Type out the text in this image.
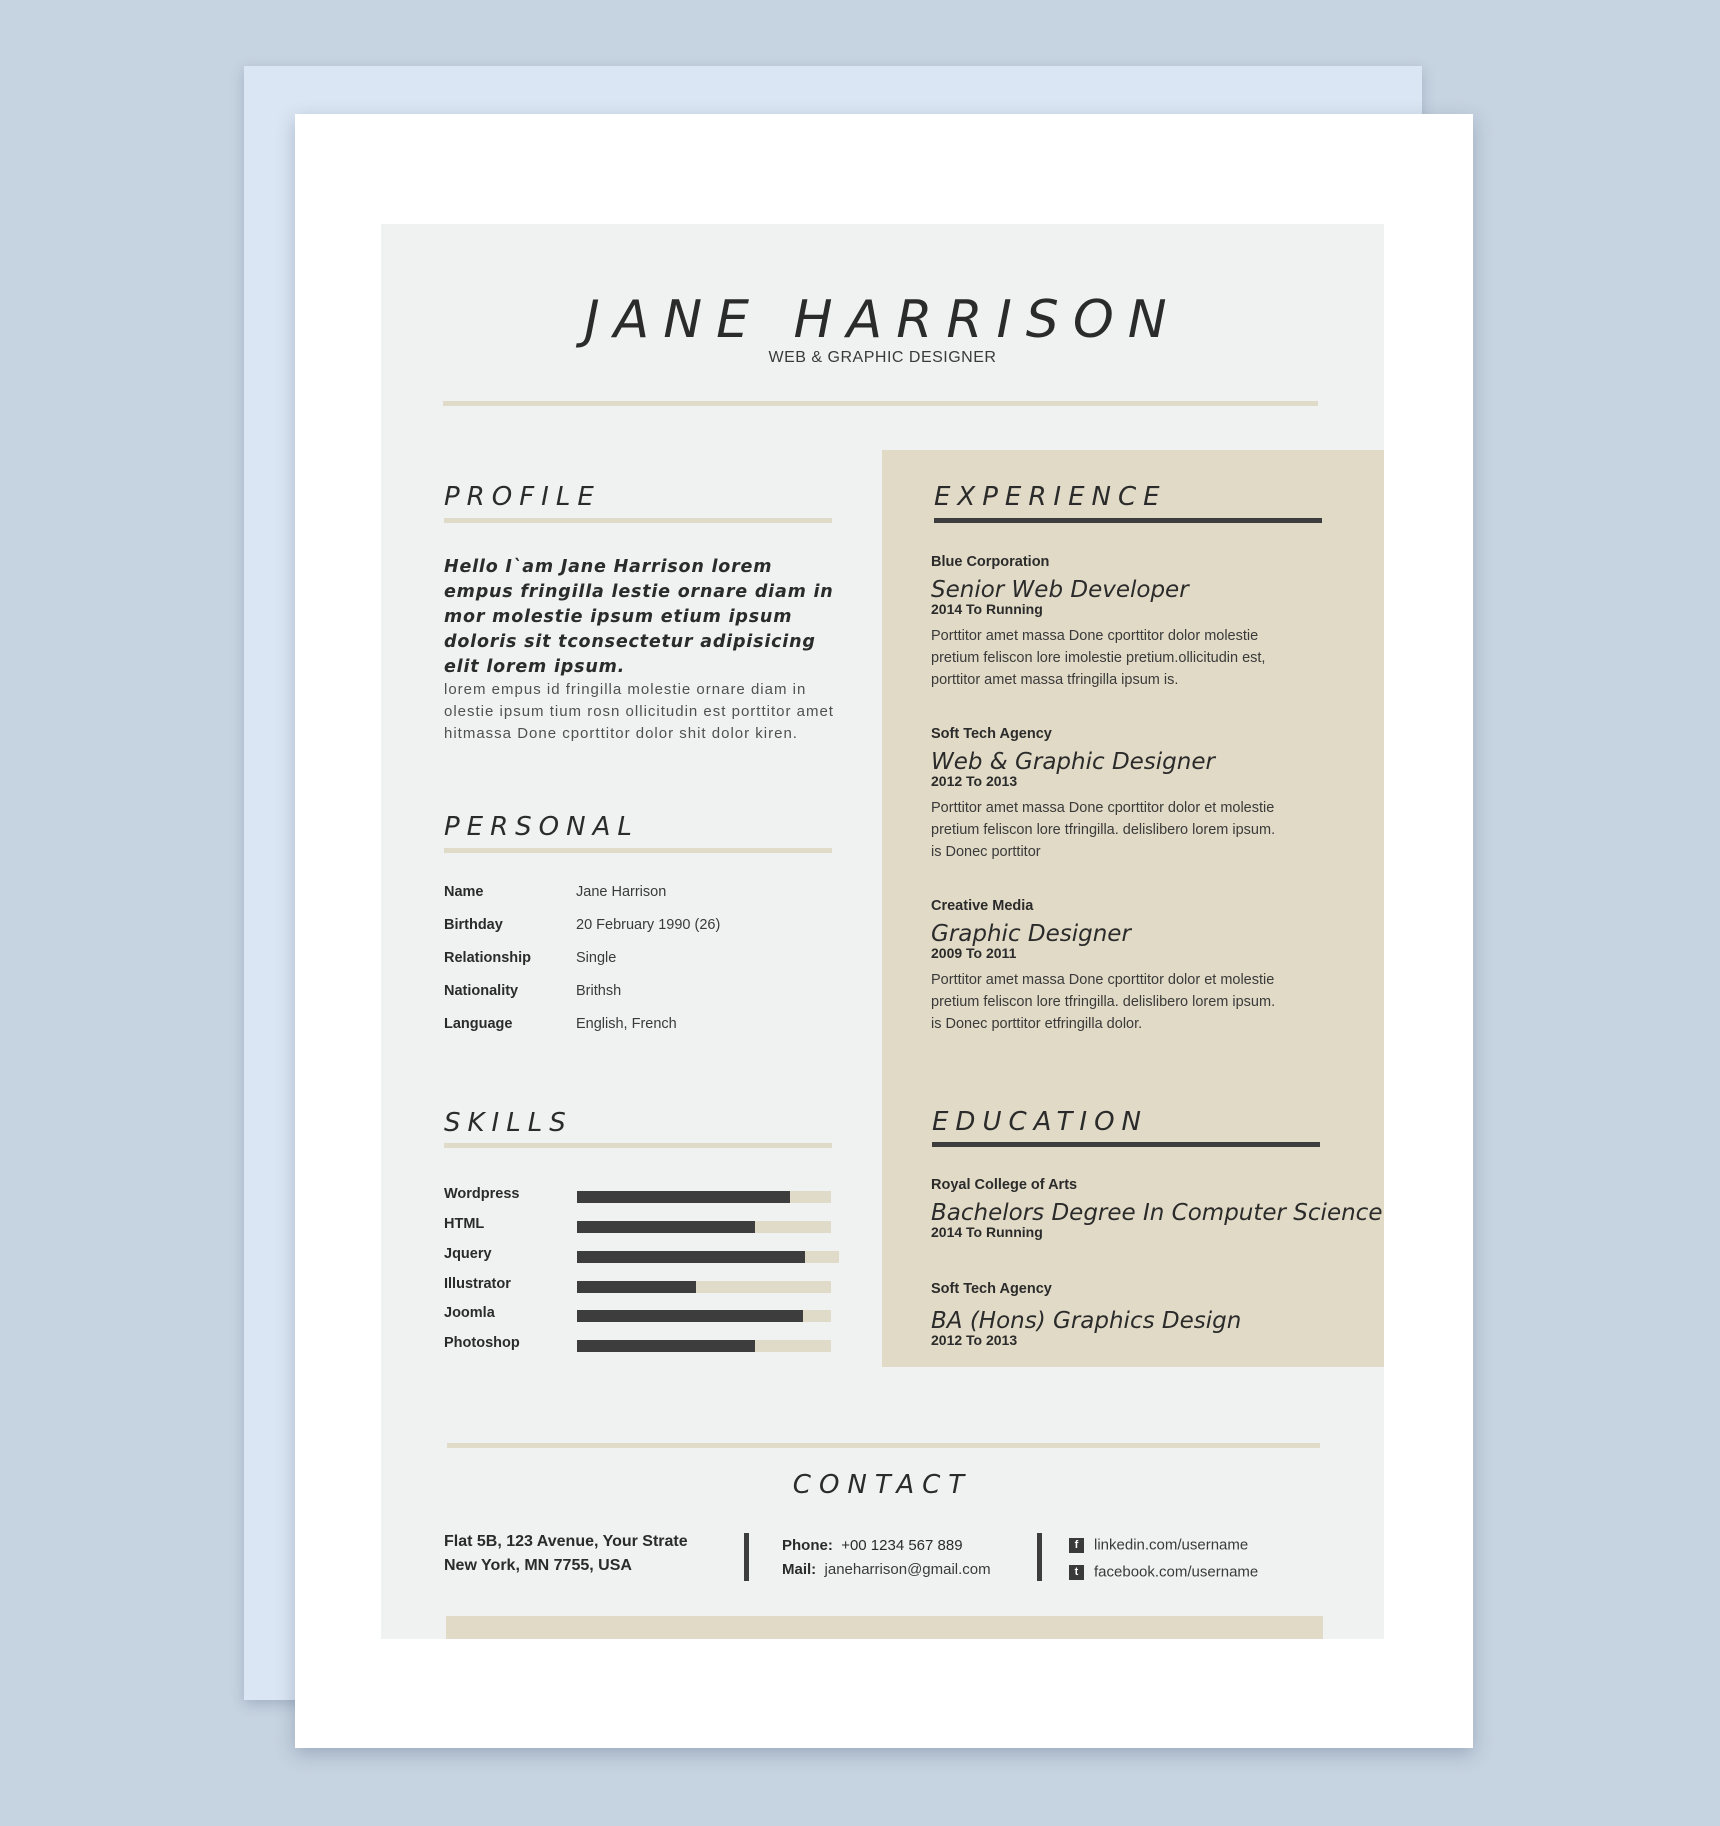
JANE HARRISON
WEB & GRAPHIC DESIGNER
PROFILE
Hello I`am Jane Harrison lorem empus fringilla lestie ornare diam in mor molestie ipsum etium ipsum doloris sit tconsectetur adipisicing elit lorem ipsum.
lorem empus id fringilla molestie ornare diam in olestie ipsum tium rosn ollicitudin est porttitor amet hitmassa Done cporttitor dolor shit dolor kiren.
PERSONAL
Name	Jane Harrison
Birthday	20 February 1990 (26)
Relationship	Single
Nationality	Brithsh
Language	English, French
SKILLS
Wordpress
HTML
Jquery
Illustrator
Joomla
Photoshop
EXPERIENCE
Blue Corporation
Senior Web Developer
2014 To Running
Porttitor amet massa Done cporttitor dolor molestie
pretium feliscon lore imolestie pretium.ollicitudin est,
porttitor amet massa tfringilla ipsum is.
Soft Tech Agency
Web & Graphic Designer
2012 To 2013
Porttitor amet massa Done cporttitor dolor et molestie
pretium feliscon lore tfringilla. delislibero lorem ipsum.
is Donec porttitor
Creative Media
Graphic Designer
2009 To 2011
Porttitor amet massa Done cporttitor dolor et molestie
pretium feliscon lore tfringilla. delislibero lorem ipsum.
is Donec porttitor etfringilla dolor.
EDUCATION
Royal College of Arts
Bachelors Degree In Computer Science
2014 To Running
Soft Tech Agency
BA (Hons) Graphics Design
2012 To 2013
CONTACT
Flat 5B, 123 Avenue, Your Strate
New York, MN 7755, USA
Phone: +00 1234 567 889
Mail: janeharrison@gmail.com
f linkedin.com/username
t facebook.com/username
